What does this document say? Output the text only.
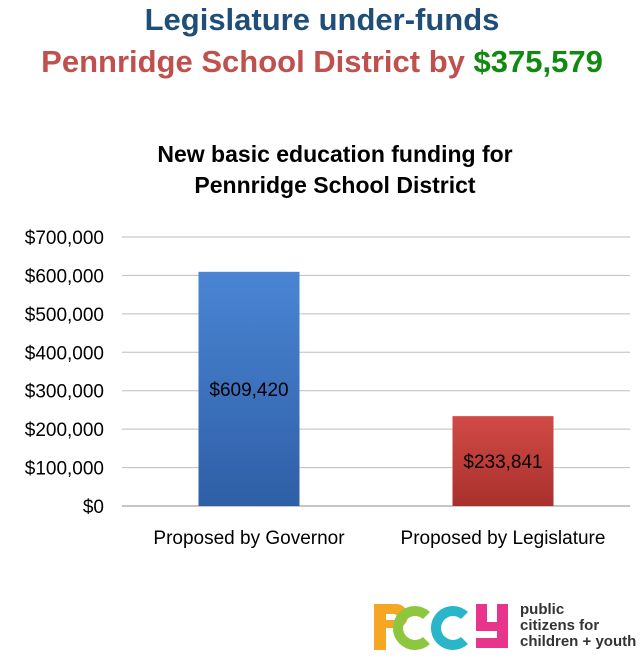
Legislature under-funds
Pennridge School District by $375,579
New basic education funding for
Pennridge School District
$0
$100,000
$200,000
$300,000
$400,000
$500,000
$600,000
$700,000
$609,420
Proposed by Governor
$233,841
Proposed by Legislature
public
citizens for
children + youth
